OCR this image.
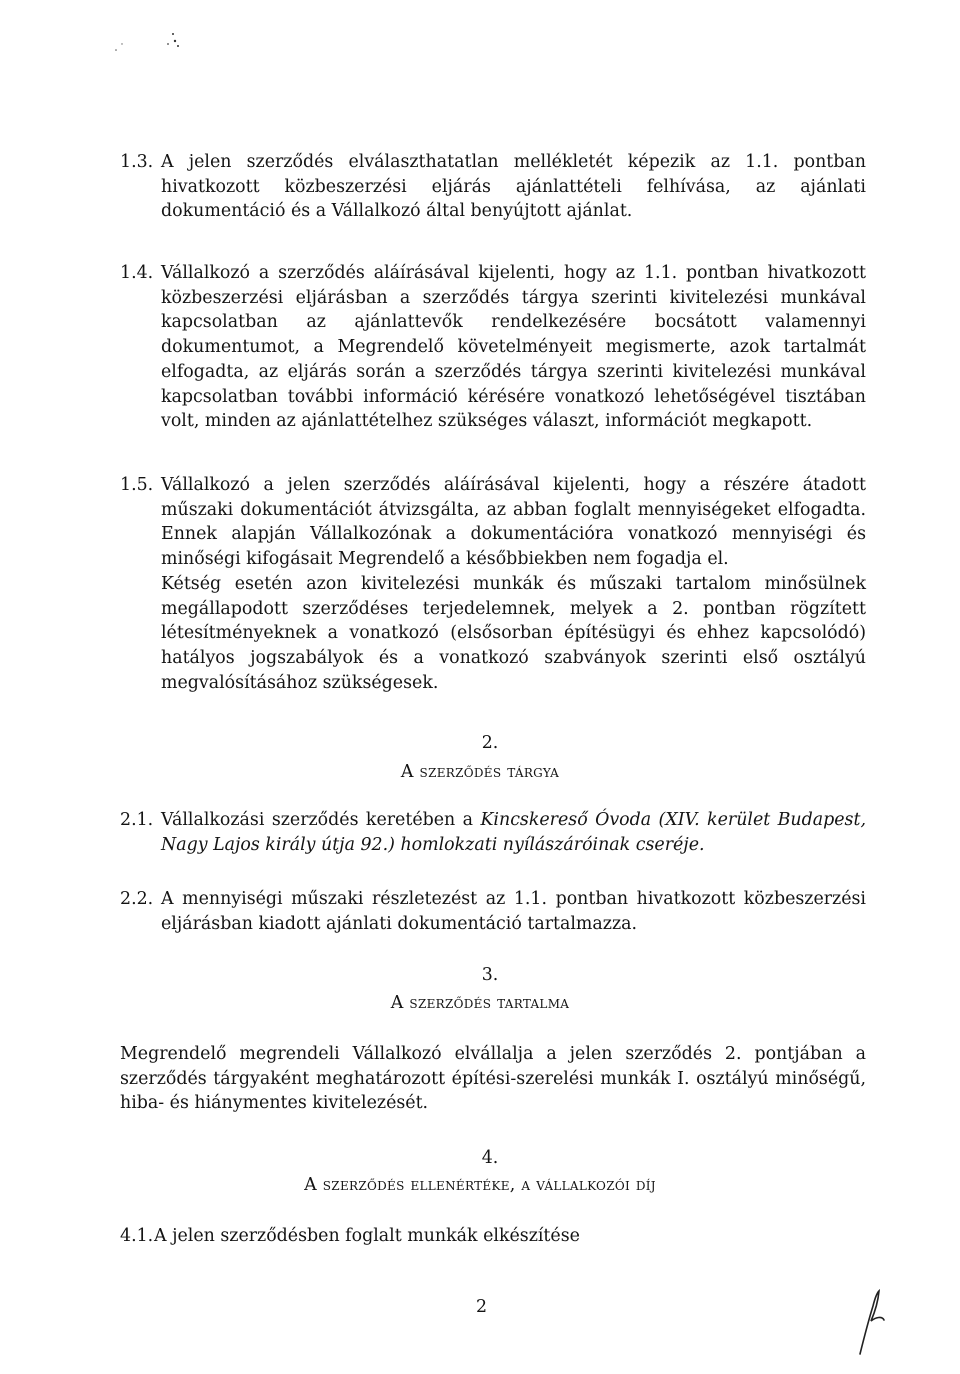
1.3. A jelen szerződés elválaszthatatlan mellékletét képezik az 1.1. pontban hivatkozott közbeszerzési eljárás ajánlattételi felhívása, az ajánlati dokumentáció és a Vállalkozó által benyújtott ajánlat.

1.4. Vállalkozó a szerződés aláírásával kijelenti, hogy az 1.1. pontban hivatkozott közbeszerzési eljárásban a szerződés tárgya szerinti kivitelezési munkával kapcsolatban az ajánlattevők rendelkezésére bocsátott valamennyi dokumentumot, a Megrendelő követelményeit megismerte, azok tartalmát elfogadta, az eljárás során a szerződés tárgya szerinti kivitelezési munkával kapcsolatban további információ kérésére vonatkozó lehetőségével tisztában volt, minden az ajánlattételhez szükséges választ, információt megkapott.

1.5. Vállalkozó a jelen szerződés aláírásával kijelenti, hogy a részére átadott műszaki dokumentációt átvizsgálta, az abban foglalt mennyiségeket elfogadta. Ennek alapján Vállalkozónak a dokumentációra vonatkozó mennyiségi és minőségi kifogásait Megrendelő a későbbiekben nem fogadja el.

Kétség esetén azon kivitelezési munkák és műszaki tartalom minősülnek megállapodott szerződéses terjedelemnek, melyek a 2. pontban rögzített létesítményeknek a vonatkozó (elsősorban építésügyi és ehhez kapcsolódó) hatályos jogszabályok és a vonatkozó szabványok szerinti első osztályú megvalósításához szükségesek.

2.
A szerződés tárgya
2.1. Vállalkozási szerződés keretében a Kincskereső Óvoda (XIV. kerület Budapest, Nagy Lajos király útja 92.) homlokzati nyílászáróinak cseréje.

2.2. A mennyiségi műszaki részletezést az 1.1. pontban hivatkozott közbeszerzési eljárásban kiadott ajánlati dokumentáció tartalmazza.

3.
A szerződés tartalma

Megrendelő megrendeli Vállalkozó elvállalja a jelen szerződés 2. pontjában a szerződés tárgyaként meghatározott építési-szerelési munkák I. osztályú minőségű, hiba- és hiánymentes kivitelezését.

4.
A szerződés ellenértéke, a vállalkozói díj
4.1. A jelen szerződésben foglalt munkák elkészítése

2
